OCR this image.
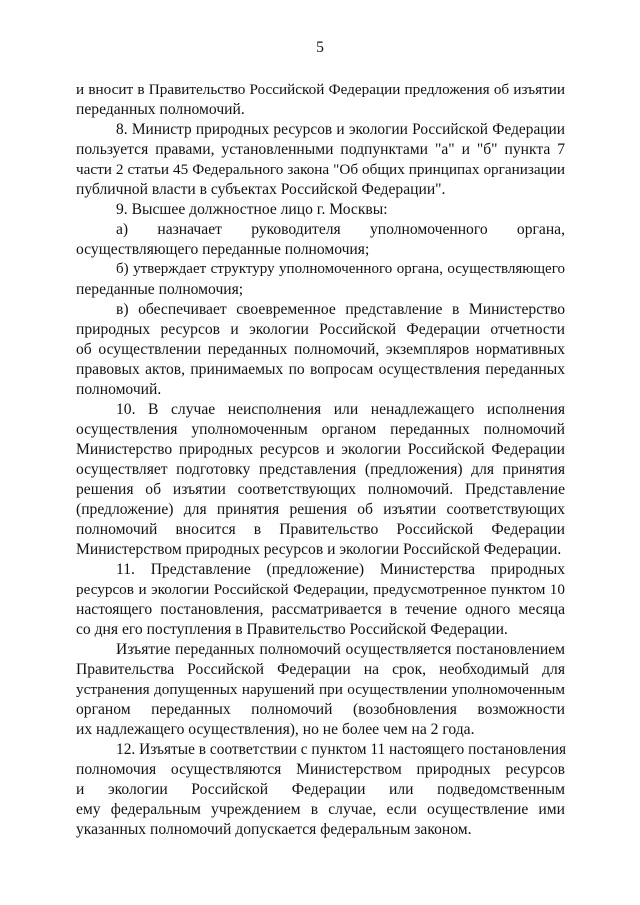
5
и вносит в Правительство Российской Федерации предложения об изъятии
переданных полномочий.
8. Министр природных ресурсов и экологии Российской Федерации
пользуется правами, установленными подпунктами "а" и "б" пункта 7
части 2 статьи 45 Федерального закона "Об общих принципах организации
публичной власти в субъектах Российской Федерации".
9. Высшее должностное лицо г. Москвы:
а) назначает руководителя уполномоченного органа,
осуществляющего переданные полномочия;
б) утверждает структуру уполномоченного органа, осуществляющего
переданные полномочия;
в) обеспечивает своевременное представление в Министерство
природных ресурсов и экологии Российской Федерации отчетности
об осуществлении переданных полномочий, экземпляров нормативных
правовых актов, принимаемых по вопросам осуществления переданных
полномочий.
10. В случае неисполнения или ненадлежащего исполнения
осуществления уполномоченным органом переданных полномочий
Министерство природных ресурсов и экологии Российской Федерации
осуществляет подготовку представления (предложения) для принятия
решения об изъятии соответствующих полномочий. Представление
(предложение) для принятия решения об изъятии соответствующих
полномочий вносится в Правительство Российской Федерации
Министерством природных ресурсов и экологии Российской Федерации.
11. Представление (предложение) Министерства природных
ресурсов и экологии Российской Федерации, предусмотренное пунктом 10
настоящего постановления, рассматривается в течение одного месяца
со дня его поступления в Правительство Российской Федерации.
Изъятие переданных полномочий осуществляется постановлением
Правительства Российской Федерации на срок, необходимый для
устранения допущенных нарушений при осуществлении уполномоченным
органом переданных полномочий (возобновления возможности
их надлежащего осуществления), но не более чем на 2 года.
12. Изъятые в соответствии с пунктом 11 настоящего постановления
полномочия осуществляются Министерством природных ресурсов
и экологии Российской Федерации или подведомственным
ему федеральным учреждением в случае, если осуществление ими
указанных полномочий допускается федеральным законом.
